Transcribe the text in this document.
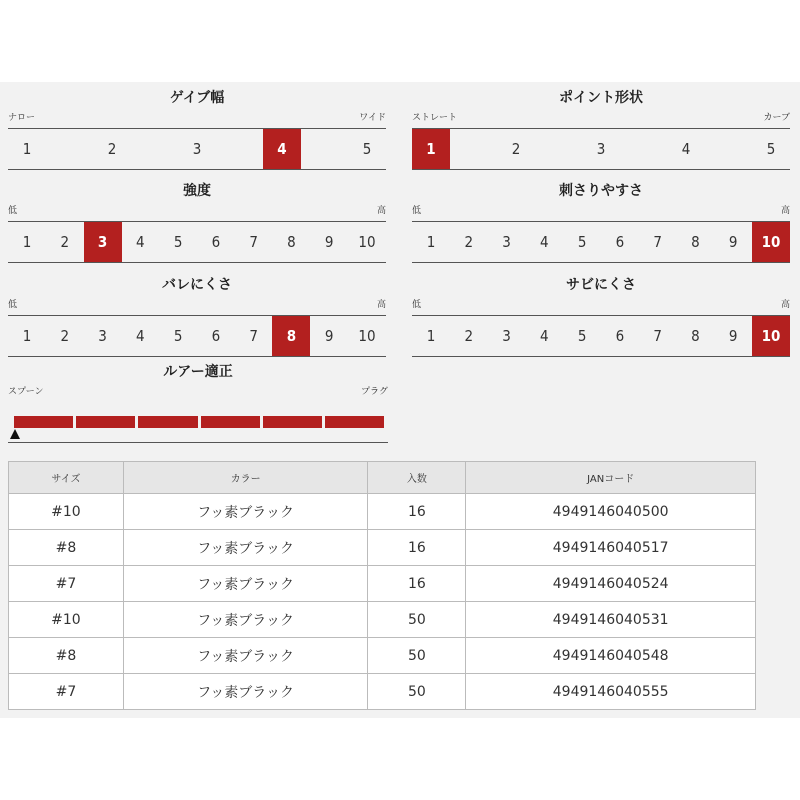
ゲイブ幅
ナロー	ワイド
1	2	3	4	5
ポイント形状
ストレート	カーブ
1	2	3	4	5
強度
低	高
1	2	3	4	5	6	7	8	9	10
刺さりやすさ
低	高
1	2	3	4	5	6	7	8	9	10
バレにくさ
低	高
1	2	3	4	5	6	7	8	9	10
サビにくさ
低	高
1	2	3	4	5	6	7	8	9	10
ルアー適正
スプーン	プラグ
サイズ	カラー	入数	JANコード
#10	フッ素ブラック	16	4949146040500
#8	フッ素ブラック	16	4949146040517
#7	フッ素ブラック	16	4949146040524
#10	フッ素ブラック	50	4949146040531
#8	フッ素ブラック	50	4949146040548
#7	フッ素ブラック	50	4949146040555
